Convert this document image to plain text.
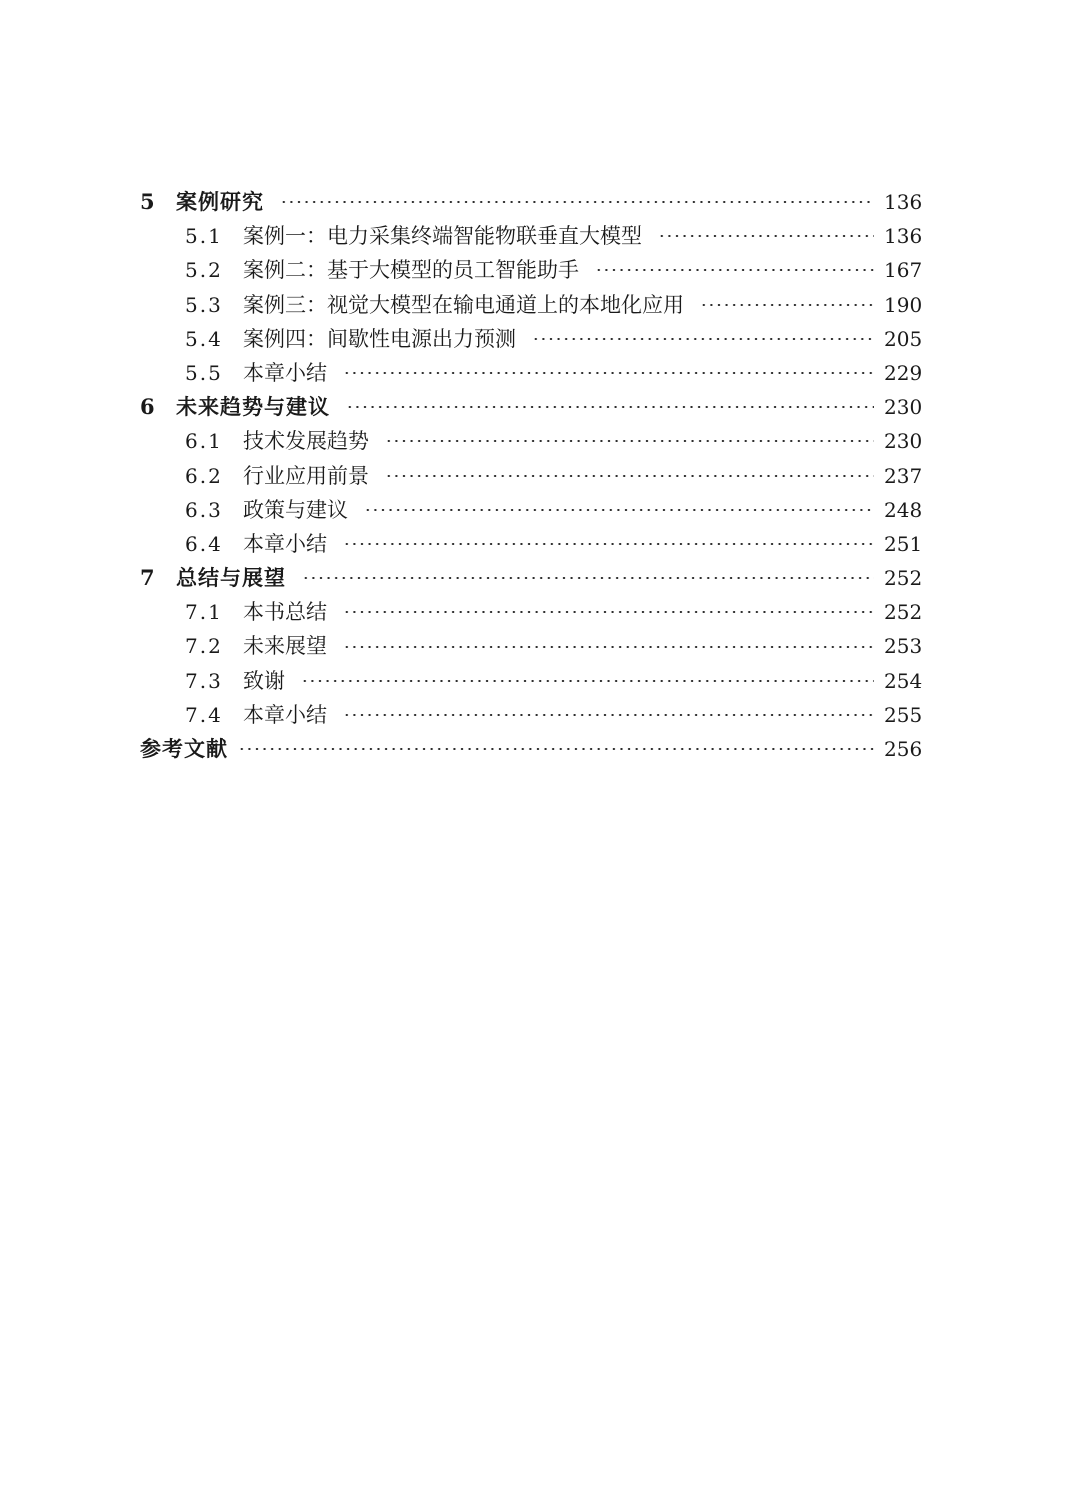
5	案例研究	136
5.1 案例一：电力采集终端智能物联垂直大模型	136
5.2 案例二：基于大模型的员工智能助手	167
5.3 案例三：视觉大模型在输电通道上的本地化应用	190
5.4 案例四：间歇性电源出力预测	205
5.5 本章小结	229
6	未来趋势与建议	230
6.1 技术发展趋势	230
6.2 行业应用前景	237
6.3 政策与建议	248
6.4 本章小结	251
7	总结与展望	252
7.1 本书总结	252
7.2 未来展望	253
7.3 致谢	254
7.4 本章小结	255
参考文献	256
